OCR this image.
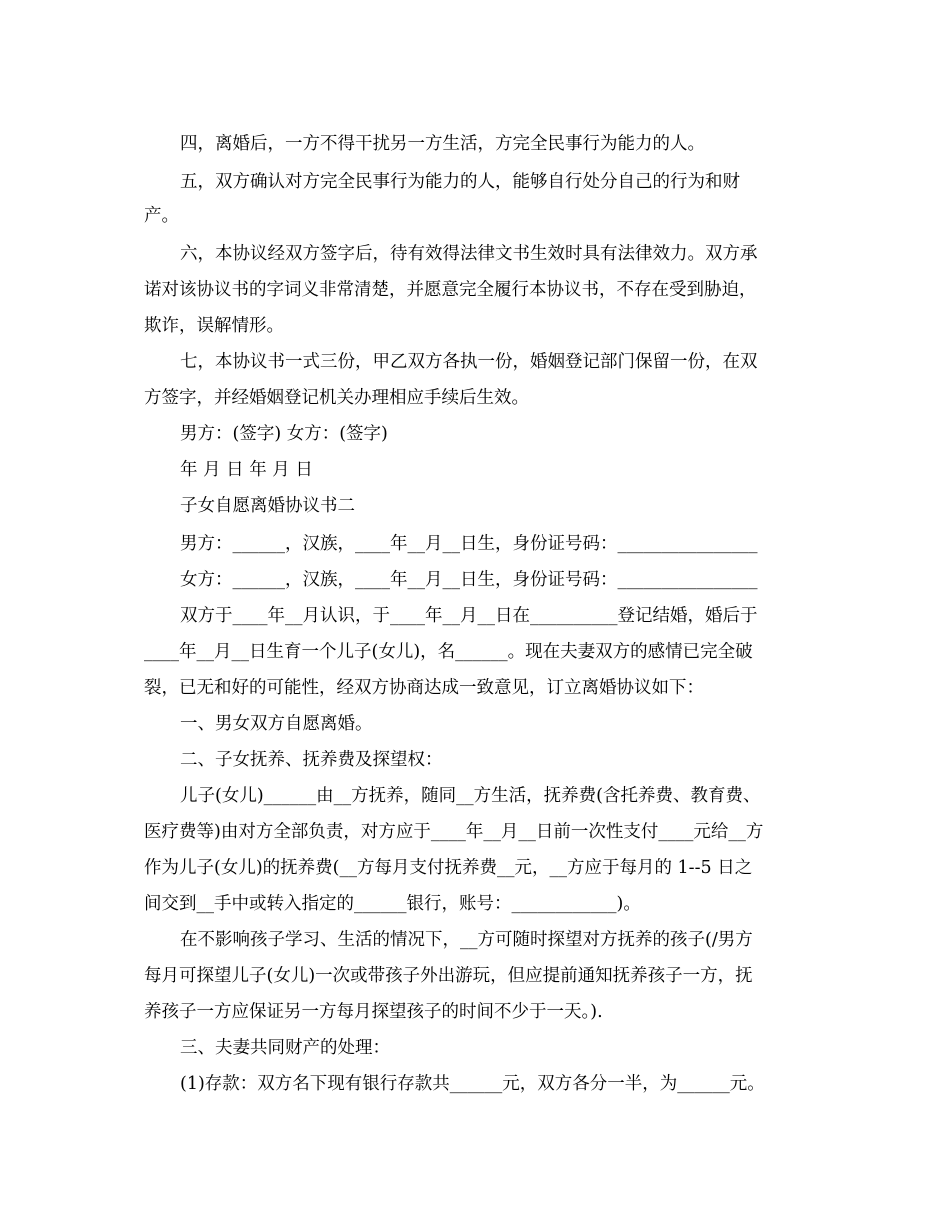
四，离婚后，一方不得干扰另一方生活，方完全民事行为能力的人。
五，双方确认对方完全民事行为能力的人，能够自行处分自己的行为和财
产。
六，本协议经双方签字后，待有效得法律文书生效时具有法律效力。双方承
诺对该协议书的字词义非常清楚，并愿意完全履行本协议书，不存在受到胁迫，
欺诈，误解情形。
七，本协议书一式三份，甲乙双方各执一份，婚姻登记部门保留一份，在双
方签字，并经婚姻登记机关办理相应手续后生效。
男方：(签字) 女方：(签字)
年 月 日 年 月 日
子女自愿离婚协议书二
男方：______，汉族，____年__月__日生，身份证号码：________________
女方：______，汉族，____年__月__日生，身份证号码：________________
双方于____年__月认识，于____年__月__日在__________登记结婚，婚后于
____年__月__日生育一个儿子(女儿)，名______。现在夫妻双方的感情已完全破
裂，已无和好的可能性，经双方协商达成一致意见，订立离婚协议如下：
一、男女双方自愿离婚。
二、子女抚养、抚养费及探望权：
儿子(女儿)______由__方抚养，随同__方生活，抚养费(含托养费、教育费、
医疗费等)由对方全部负责，对方应于____年__月__日前一次性支付____元给__方
作为儿子(女儿)的抚养费(__方每月支付抚养费__元，__方应于每月的 1--5 日之
间交到__手中或转入指定的______银行，账号：____________)。
在不影响孩子学习、生活的情况下，__方可随时探望对方抚养的孩子(/男方
每月可探望儿子(女儿)一次或带孩子外出游玩，但应提前通知抚养孩子一方，抚
养孩子一方应保证另一方每月探望孩子的时间不少于一天。).
三、夫妻共同财产的处理：
(1)存款：双方名下现有银行存款共______元，双方各分一半，为______元。
